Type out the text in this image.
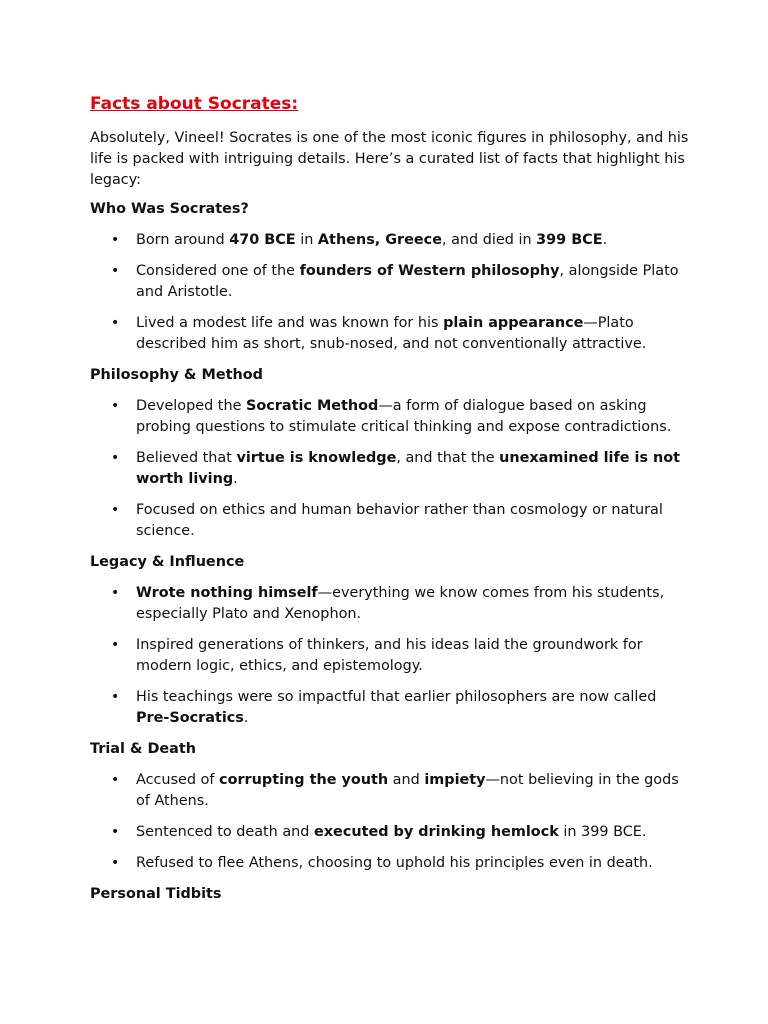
Facts about Socrates:

Absolutely, Vineel! Socrates is one of the most iconic figures in philosophy, and his life is packed with intriguing details. Here’s a curated list of facts that highlight his legacy:

Who Was Socrates?

• Born around 470 BCE in Athens, Greece, and died in 399 BCE.
• Considered one of the founders of Western philosophy, alongside Plato and Aristotle.
• Lived a modest life and was known for his plain appearance—Plato described him as short, snub-nosed, and not conventionally attractive.

Philosophy & Method

• Developed the Socratic Method—a form of dialogue based on asking probing questions to stimulate critical thinking and expose contradictions.
• Believed that virtue is knowledge, and that the unexamined life is not worth living.
• Focused on ethics and human behavior rather than cosmology or natural science.

Legacy & Influence

• Wrote nothing himself—everything we know comes from his students, especially Plato and Xenophon.
• Inspired generations of thinkers, and his ideas laid the groundwork for modern logic, ethics, and epistemology.
• His teachings were so impactful that earlier philosophers are now called Pre-Socratics.

Trial & Death

• Accused of corrupting the youth and impiety—not believing in the gods of Athens.
• Sentenced to death and executed by drinking hemlock in 399 BCE.
• Refused to flee Athens, choosing to uphold his principles even in death.

Personal Tidbits
